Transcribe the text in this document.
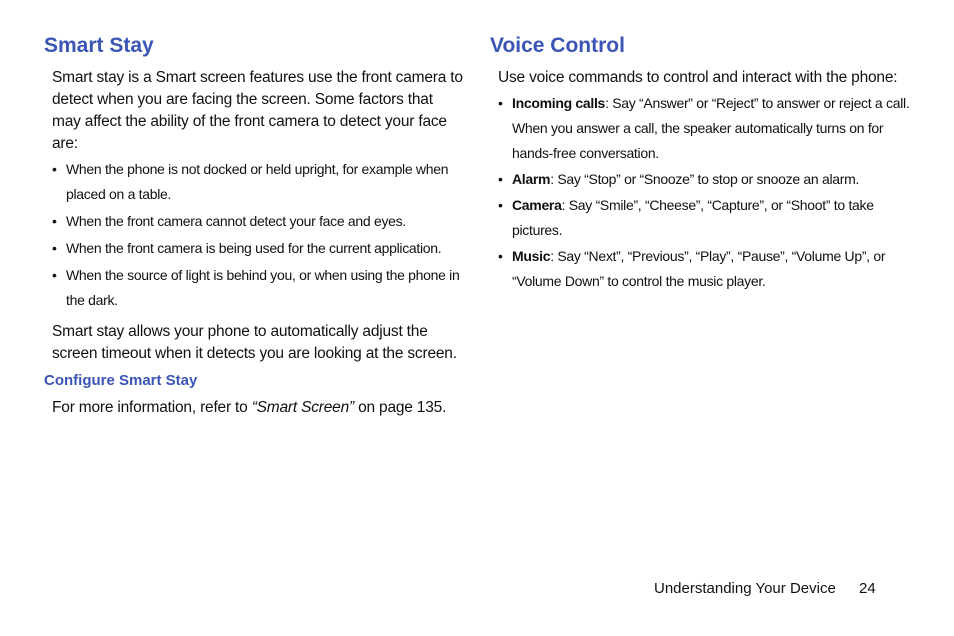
Smart Stay

Smart stay is a Smart screen features use the front camera to detect when you are facing the screen. Some factors that may affect the ability of the front camera to detect your face are:

• When the phone is not docked or held upright, for example when placed on a table.
• When the front camera cannot detect your face and eyes.
• When the front camera is being used for the current application.
• When the source of light is behind you, or when using the phone in the dark.

Smart stay allows your phone to automatically adjust the screen timeout when it detects you are looking at the screen.

Configure Smart Stay

For more information, refer to “Smart Screen” on page 135.

Voice Control

Use voice commands to control and interact with the phone:

• Incoming calls: Say “Answer” or “Reject” to answer or reject a call. When you answer a call, the speaker automatically turns on for hands-free conversation.
• Alarm: Say “Stop” or “Snooze” to stop or snooze an alarm.
• Camera: Say “Smile”, “Cheese”, “Capture”, or “Shoot” to take pictures.
• Music: Say “Next”, “Previous”, “Play”, “Pause”, “Volume Up”, or “Volume Down” to control the music player.
Understanding Your Device 24
